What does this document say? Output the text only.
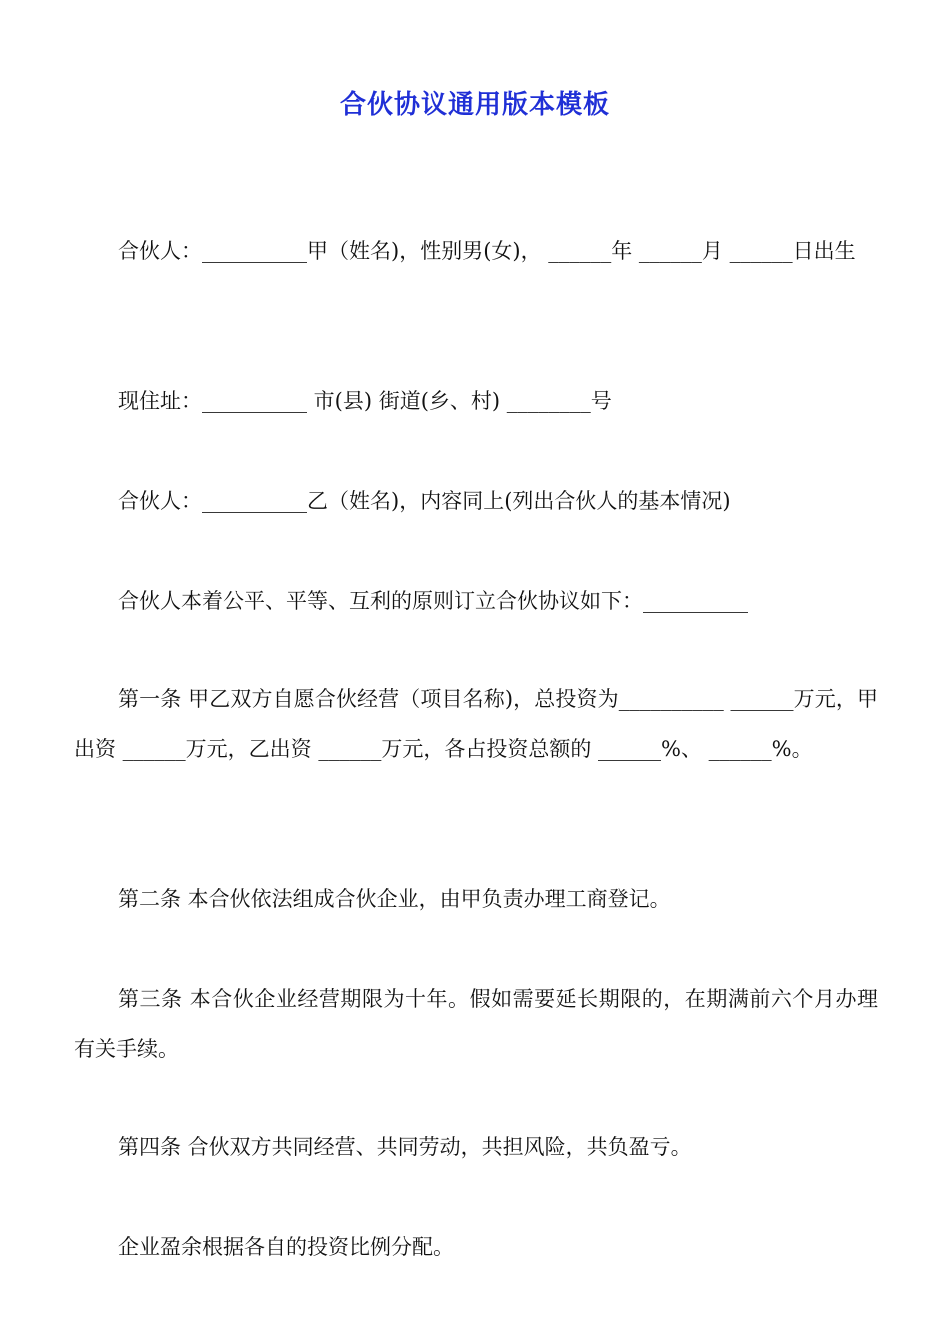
合伙协议通用版本模板
合伙人：__________甲（姓名)，性别男(女)， ______年 ______月 ______日出生
现住址：__________ 市(县) 街道(乡、村) ________号
合伙人：__________乙（姓名)，内容同上(列出合伙人的基本情况)
合伙人本着公平、平等、互利的原则订立合伙协议如下：__________
第一条 甲乙双方自愿合伙经营（项目名称)，总投资为__________ ______万元，甲出资 ______万元，乙出资 ______万元，各占投资总额的 ______%、 ______%。
第二条 本合伙依法组成合伙企业，由甲负责办理工商登记。
第三条 本合伙企业经营期限为十年。假如需要延长期限的，在期满前六个月办理有关手续。
第四条 合伙双方共同经营、共同劳动，共担风险，共负盈亏。
企业盈余根据各自的投资比例分配。
